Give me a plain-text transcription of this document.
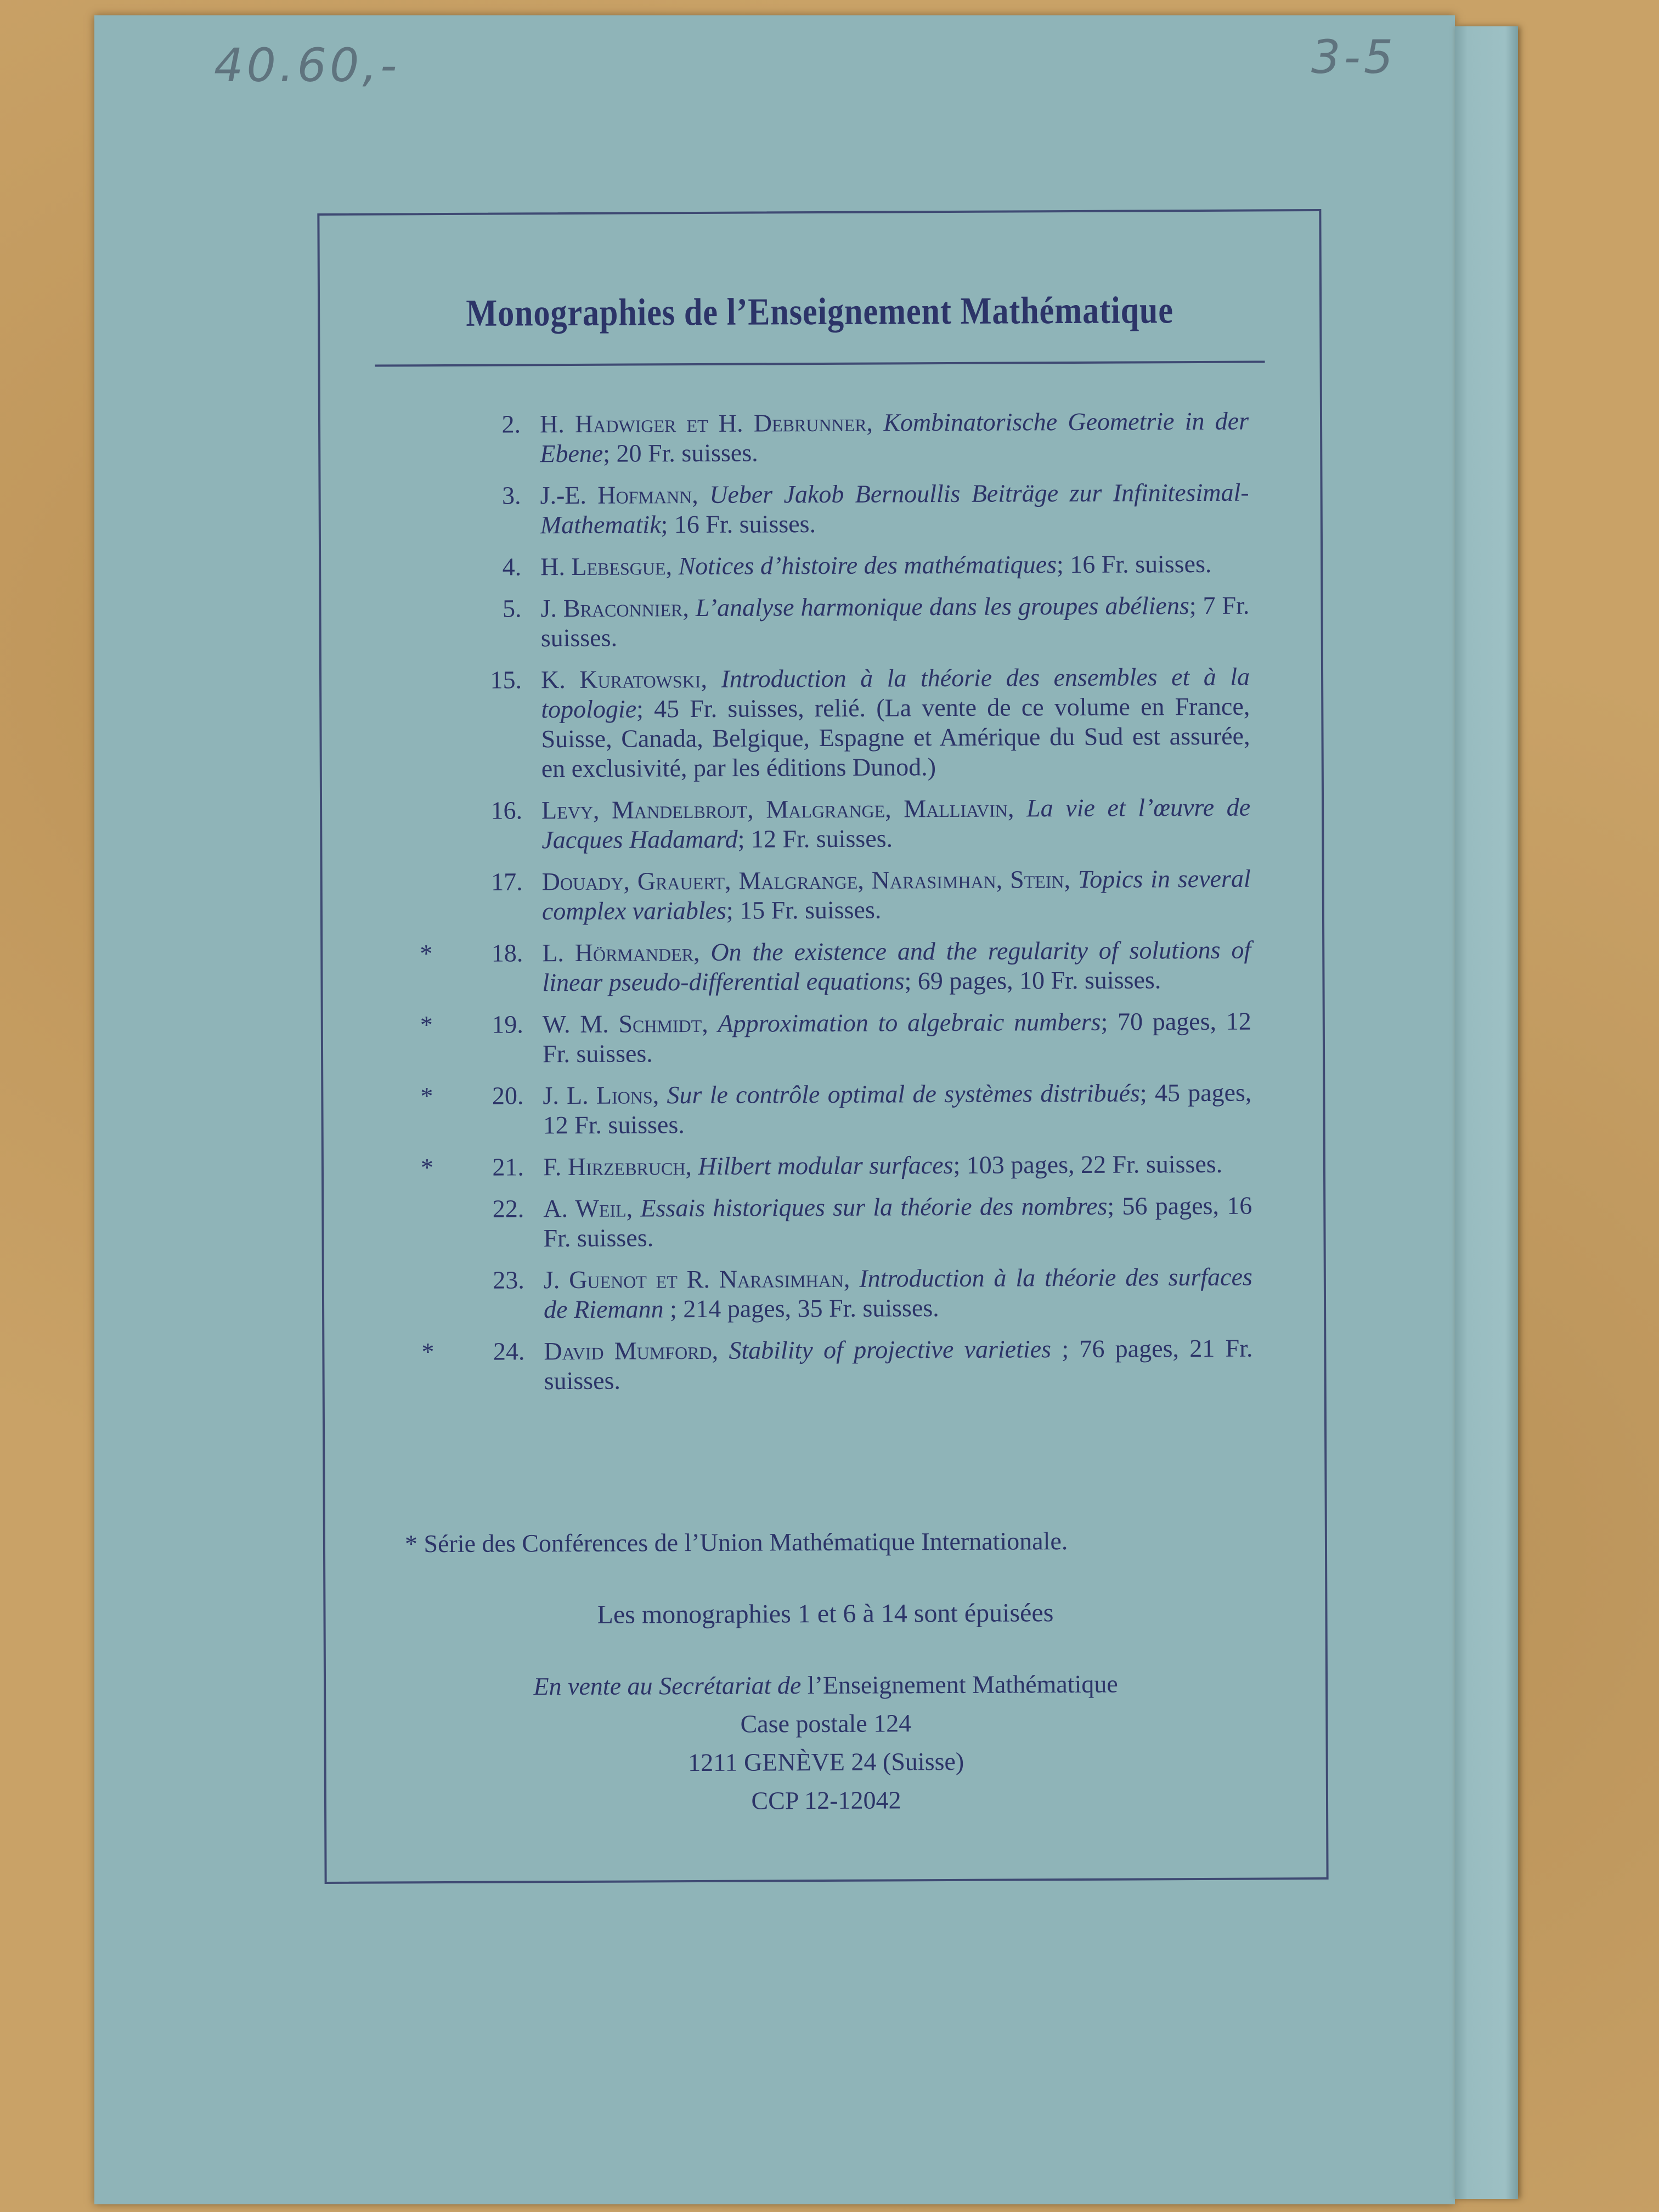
40.60,-	3-5
Monographies de l’Enseignement Mathématique
2. H. Hadwiger et H. Debrunner, Kombinatorische Geometrie in der Ebene; 20 Fr. suisses.
3. J.-E. Hofmann, Ueber Jakob Bernoullis Beiträge zur Infinitesimal-Mathematik; 16 Fr. suisses.
4. H. Lebesgue, Notices d’histoire des mathématiques; 16 Fr. suisses.
5. J. Braconnier, L’analyse harmonique dans les groupes abéliens; 7 Fr. suisses.
15. K. Kuratowski, Introduction à la théorie des ensembles et à la topologie; 45 Fr. suisses, relié. (La vente de ce volume en France, Suisse, Canada, Belgique, Espagne et Amérique du Sud est assurée, en exclusivité, par les éditions Dunod.)
16. Levy, Mandelbrojt, Malgrange, Malliavin, La vie et l’œuvre de Jacques Hadamard; 12 Fr. suisses.
17. Douady, Grauert, Malgrange, Narasimhan, Stein, Topics in several complex variables; 15 Fr. suisses.
*	18. L. Hörmander, On the existence and the regularity of solutions of linear pseudo-differential equations; 69 pages, 10 Fr. suisses.
*	19. W. M. Schmidt, Approximation to algebraic numbers; 70 pages, 12 Fr. suisses.
*	20. J. L. Lions, Sur le contrôle optimal de systèmes distribués; 45 pages, 12 Fr. suisses.
*	21. F. Hirzebruch, Hilbert modular surfaces; 103 pages, 22 Fr. suisses.
22. A. Weil, Essais historiques sur la théorie des nombres; 56 pages, 16 Fr. suisses.
23. J. Guenot et R. Narasimhan, Introduction à la théorie des surfaces de Riemann ; 214 pages, 35 Fr. suisses.
*	24. David Mumford, Stability of projective varieties ; 76 pages, 21 Fr. suisses.
* Série des Conférences de l’Union Mathématique Internationale.
Les monographies 1 et 6 à 14 sont épuisées
En vente au Secrétariat de l’Enseignement Mathématique
Case postale 124
1211 GENÈVE 24 (Suisse)
CCP 12-12042
